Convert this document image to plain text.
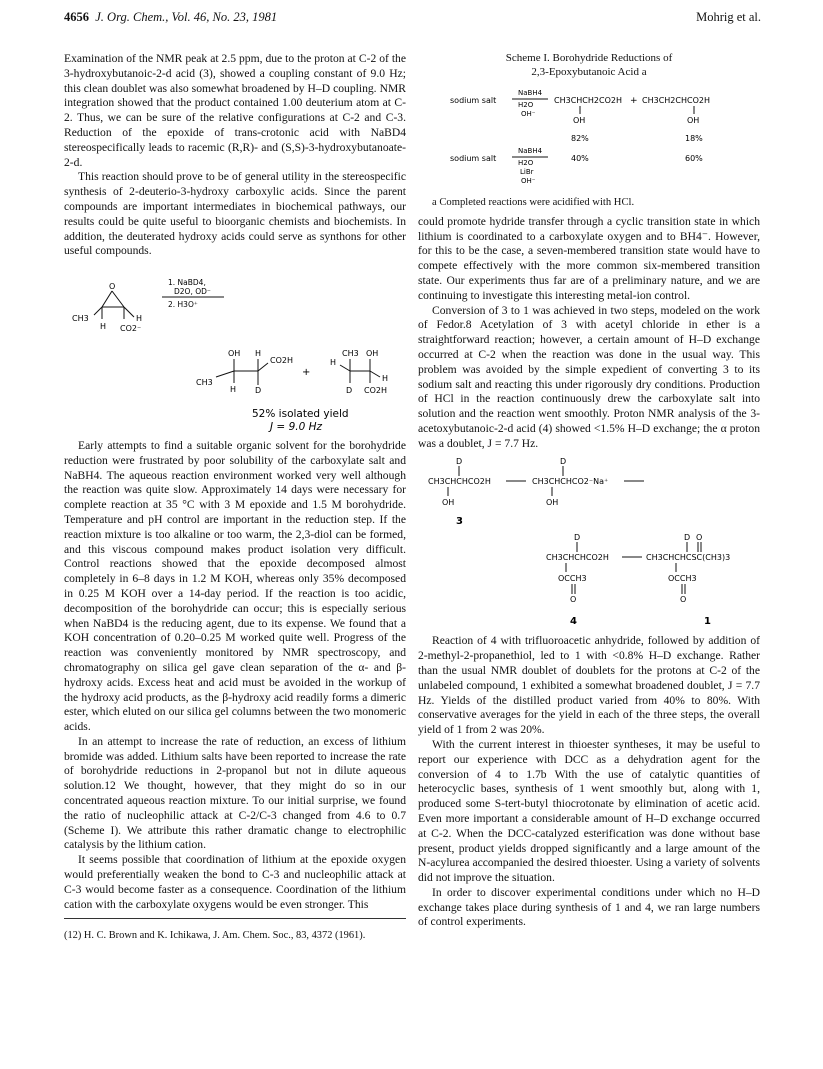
4656 J. Org. Chem., Vol. 46, No. 23, 1981	Mohrig et al.

Examination of the NMR peak at 2.5 ppm, due to the proton at C-2 of the 3-hydroxybutanoic-2-d acid (3), showed a coupling constant of 9.0 Hz; this clean doublet was also somewhat broadened by H–D coupling. NMR integration showed that the product contained 1.00 deuterium atom at C-2. Thus, we can be sure of the relative configurations at C-2 and C-3. Reduction of the epoxide of trans-crotonic acid with NaBD4 stereospecifically leads to racemic (R,R)- and (S,S)-3-hydroxybutanoate-2-d.

This reaction should prove to be of general utility in the stereospecific synthesis of 2-deuterio-3-hydroxy carboxylic acids. Since the parent compounds are important intermediates in biochemical pathways, our results could be quite useful to bioorganic chemists and biochemists. In addition, the deuterated hydroxy acids could serve as synthons for other useful compounds.

O
CH3
H
H
CO2⁻
1. NaBD4,
D2O, OD⁻
2. H3O⁺
OH H
CO2H
CH3
H D
+
CH3 OH
H
H
D CO2H
52% isolated yield
J = 9.0 Hz

Early attempts to find a suitable organic solvent for the borohydride reduction were frustrated by poor solubility of the carboxylate salt and NaBH4. The aqueous reaction environment worked very well although the reaction was quite slow. Approximately 14 days were necessary for complete reaction at 35 °C with 3 M epoxide and 1.5 M borohydride. Temperature and pH control are important in the reduction step. If the reaction mixture is too alkaline or too warm, the 2,3-diol can be formed, and this viscous compound makes product isolation very difficult. Control reactions showed that the epoxide decomposed almost completely in 6–8 days in 1.2 M KOH, whereas only 35% decomposed in 0.25 M KOH over a 14-day period. If the reaction is too acidic, decomposition of the borohydride can occur; this is especially serious when NaBD4 is the reducing agent, due to its expense. We found that a KOH concentration of 0.20–0.25 M worked quite well. Progress of the reaction was conveniently monitored by NMR spectroscopy, and chromatography on silica gel gave clean separation of the α- and β-hydroxy acids. Excess heat and acid must be avoided in the workup of the hydroxy acid products, as the β-hydroxy acid readily forms a dimeric ester, which eluted on our silica gel columns between the two monomeric acids.

In an attempt to increase the rate of reduction, an excess of lithium bromide was added. Lithium salts have been reported to increase the rate of borohydride reductions in 2-propanol but not in dilute aqueous solution.12 We thought, however, that they might do so in our concentrated aqueous reaction mixture. To our initial surprise, we found the ratio of nucleophilic attack at C-2/C-3 changed from 4.6 to 0.7 (Scheme I). We attribute this rather dramatic change to electrophilic catalysis by the lithium cation.

It seems possible that coordination of lithium at the epoxide oxygen would preferentially weaken the bond to C-3 and nucleophilic attack at C-3 would become faster as a consequence. Coordination of the lithium cation with the carboxylate oxygens would be even stronger. This

(12) H. C. Brown and K. Ichikawa, J. Am. Chem. Soc., 83, 4372 (1961).

Scheme I. Borohydride Reductions of
2,3-Epoxybutanoic Acid a
sodium salt
NaBH4
H2O
OH⁻
CH3CHCH2CO2H + CH3CH2CHCO2H
OH	OH
82%	18%
sodium salt
NaBH4
H2O
LiBr
OH⁻
40%	60%

a Completed reactions were acidified with HCl.

could promote hydride transfer through a cyclic transition state in which lithium is coordinated to a carboxylate oxygen and to BH4⁻. However, for this to be the case, a seven-membered transition state would have to compete effectively with the more common six-membered transition state. Our experiments thus far are of a preliminary nature, and we are continuing to investigate this interesting metal-ion control.

Conversion of 3 to 1 was achieved in two steps, modeled on the work of Fedor.8 Acetylation of 3 with acetyl chloride in ether is a straightforward reaction; however, a certain amount of H–D exchange occurred at C-2 when the reaction was done in the usual way. This problem was avoided by the simple expedient of converting 3 to its sodium salt and reacting this under rigorously dry conditions. Production of HCl in the reaction continuously drew the carboxylate salt into solution and the reaction went smoothly. Proton NMR analysis of the 3-acetoxybutanoic-2-d acid (4) showed <1.5% H–D exchange; the α proton was a doublet, J = 7.7 Hz.

D
CH3CHCHCO2H
OH
3
D
CH3CHCHCO2⁻Na⁺
OH
D
CH3CHCHCO2H
OCCH3
O
4
D O
CH3CHCHCSC(CH3)3
OCCH3
O
1

Reaction of 4 with trifluoroacetic anhydride, followed by addition of 2-methyl-2-propanethiol, led to 1 with <0.8% H–D exchange. Rather than the usual NMR doublet of doublets for the protons at C-2 of the unlabeled compound, 1 exhibited a somewhat broadened doublet, J = 7.7 Hz. Yields of the distilled product varied from 40% to 80%. With conservative averages for the yield in each of the three steps, the overall yield of 1 from 2 was 20%.

With the current interest in thioester syntheses, it may be useful to report our experience with DCC as a dehydration agent for the conversion of 4 to 1.7b With the use of catalytic quantities of heterocyclic bases, synthesis of 1 went smoothly but, along with 1, produced some S-tert-butyl thiocrotonate by elimination of acetic acid. Even more important a considerable amount of H–D exchange occurred at C-2. When the DCC-catalyzed esterification was done without base present, product yields dropped significantly and a large amount of the N-acylurea accompanied the desired thioester. Using a variety of solvents did not improve the situation.

In order to discover experimental conditions under which no H–D exchange takes place during synthesis of 1 and 4, we ran large numbers of control experiments.
